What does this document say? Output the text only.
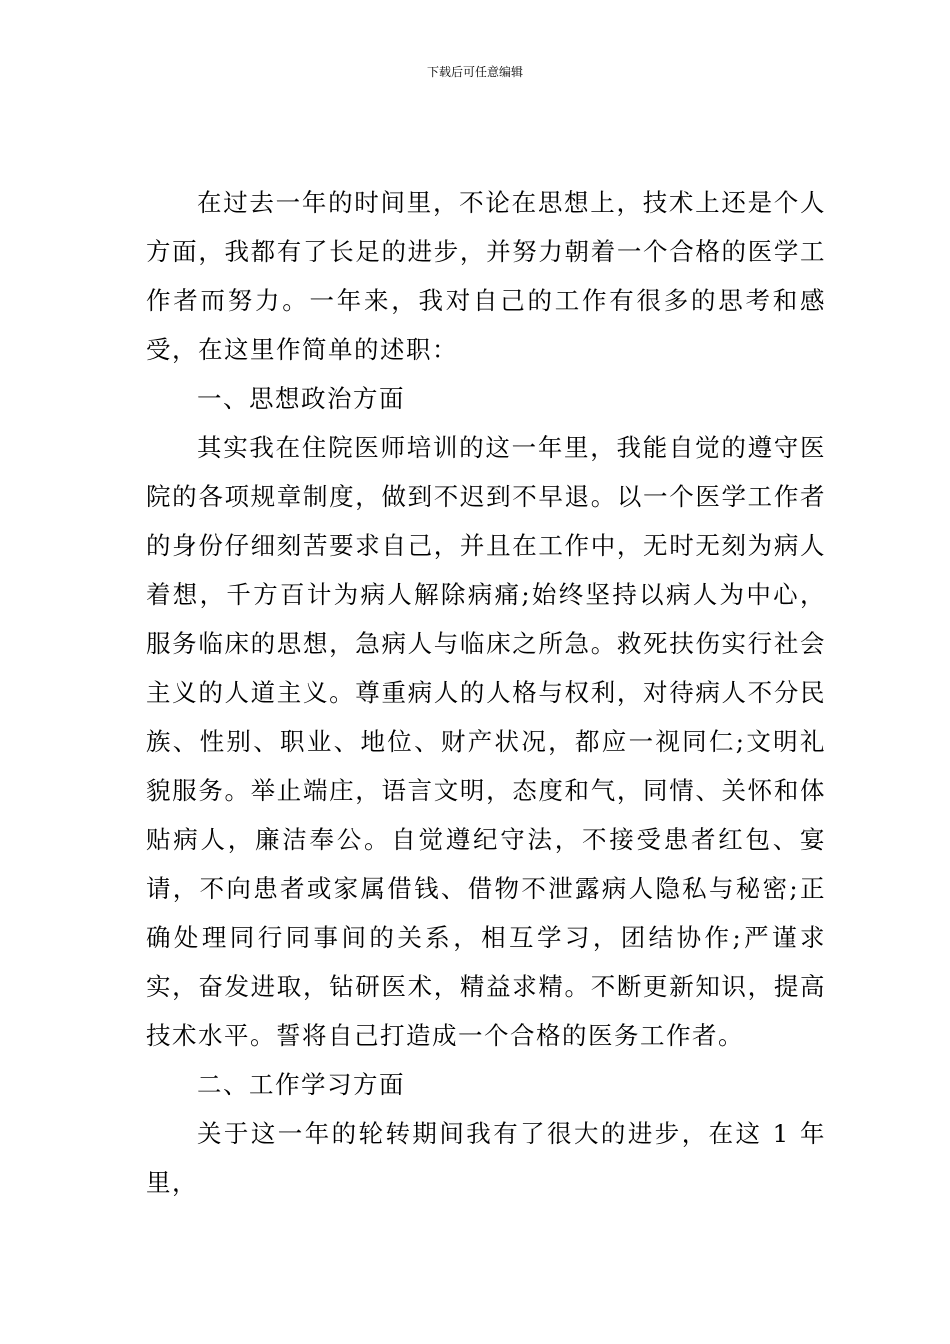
下载后可任意编辑

在过去一年的时间里，不论在思想上，技术上还是个人方面，我都有了长足的进步，并努力朝着一个合格的医学工作者而努力。一年来，我对自己的工作有很多的思考和感受，在这里作简单的述职：

一、思想政治方面

其实我在住院医师培训的这一年里，我能自觉的遵守医院的各项规章制度，做到不迟到不早退。以一个医学工作者的身份仔细刻苦要求自己，并且在工作中，无时无刻为病人着想，千方百计为病人解除病痛;始终坚持以病人为中心，服务临床的思想，急病人与临床之所急。救死扶伤实行社会主义的人道主义。尊重病人的人格与权利，对待病人不分民族、性别、职业、地位、财产状况，都应一视同仁;文明礼貌服务。举止端庄，语言文明，态度和气，同情、关怀和体贴病人，廉洁奉公。自觉遵纪守法，不接受患者红包、宴请，不向患者或家属借钱、借物不泄露病人隐私与秘密;正确处理同行同事间的关系，相互学习，团结协作;严谨求实，奋发进取，钻研医术，精益求精。不断更新知识，提高技术水平。誓将自己打造成一个合格的医务工作者。

二、工作学习方面

关于这一年的轮转期间我有了很大的进步，在这 1 年里，
